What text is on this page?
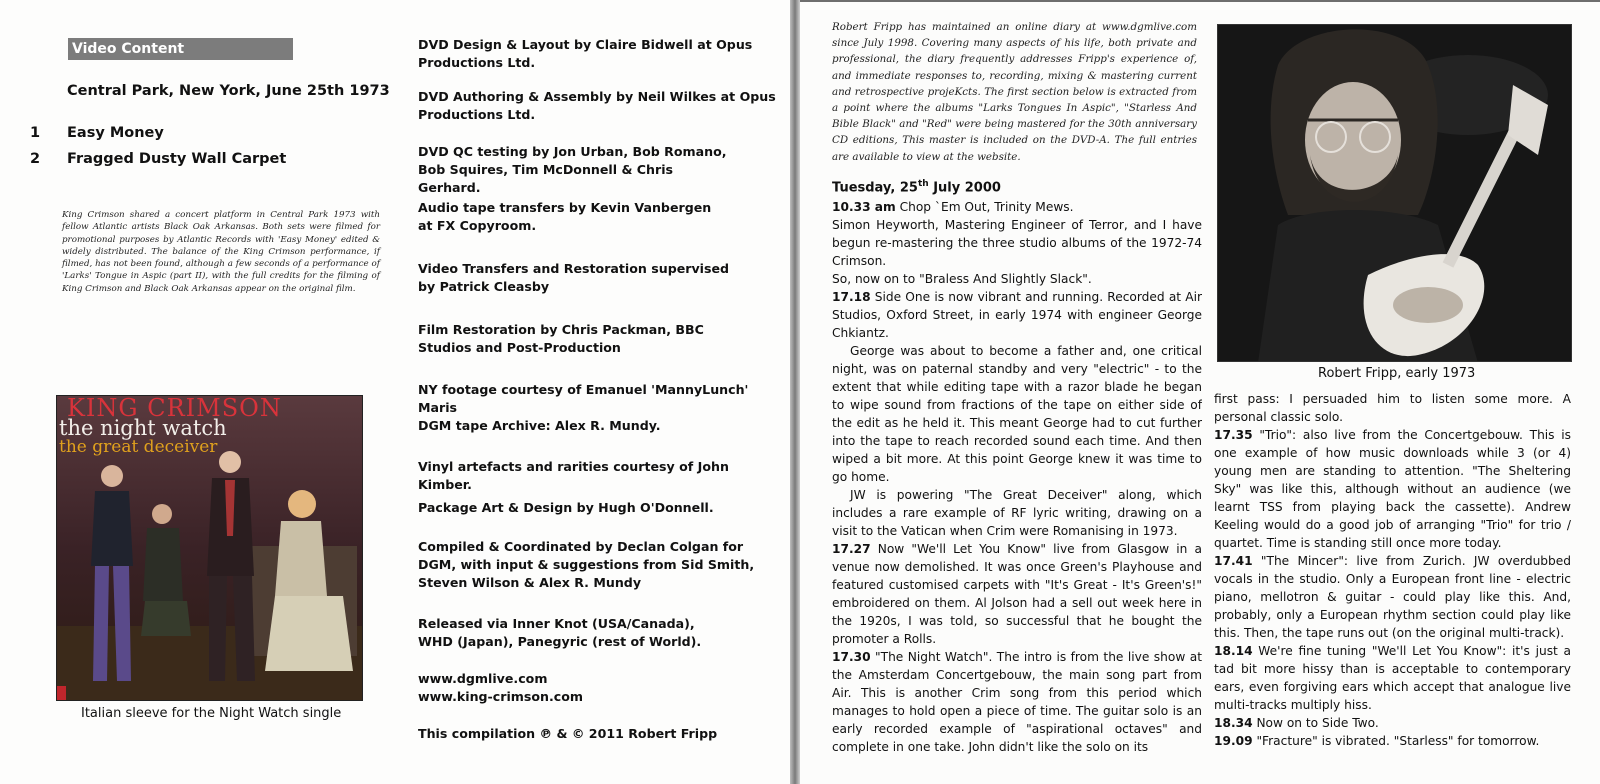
Video Content
Central Park, New York, June 25th 1973
1 Easy Money
2 Fragged Dusty Wall Carpet
King Crimson shared a concert platform in Central Park 1973 with fellow Atlantic artists Black Oak Arkansas. Both sets were filmed for promotional purposes by Atlantic Records with 'Easy Money' edited & widely distributed. The balance of the King Crimson performance, if filmed, has not been found, although a few seconds of a performance of 'Larks' Tongue in Aspic (part II), with the full credits for the filming of King Crimson and Black Oak Arkansas appear on the original film.
KING CRIMSON
the night watch
the great deceiver
Italian sleeve for the Night Watch single
DVD Design & Layout by Claire Bidwell at Opus Productions Ltd.
DVD Authoring & Assembly by Neil Wilkes at Opus Productions Ltd.
DVD QC testing by Jon Urban, Bob Romano, Bob Squires, Tim McDonnell & Chris Gerhard.
Audio tape transfers by Kevin Vanbergen at FX Copyroom.
Video Transfers and Restoration supervised by Patrick Cleasby
Film Restoration by Chris Packman, BBC Studios and Post-Production
NY footage courtesy of Emanuel 'MannyLunch' Maris
DGM tape Archive: Alex R. Mundy.
Vinyl artefacts and rarities courtesy of John Kimber.
Package Art & Design by Hugh O'Donnell.
Compiled & Coordinated by Declan Colgan for DGM, with input & suggestions from Sid Smith, Steven Wilson & Alex R. Mundy
Released via Inner Knot (USA/Canada), WHD (Japan), Panegyric (rest of World).
www.dgmlive.com
www.king-crimson.com
This compilation ℗ & © 2011 Robert Fripp
Robert Fripp has maintained an online diary at www.dgmlive.com since July 1998. Covering many aspects of his life, both private and professional, the diary frequently addresses Fripp's experience of, and immediate responses to, recording, mixing & mastering current and retrospective projeKcts. The first section below is extracted from a point where the albums "Larks Tongues In Aspic", "Starless And Bible Black" and "Red" were being mastered for the 30th anniversary CD editions, This master is included on the DVD-A. The full entries are available to view at the website.
Tuesday, 25th July 2000

10.33 am Chop `Em Out, Trinity Mews.

Simon Heyworth, Mastering Engineer of Terror, and I have begun re-mastering the three studio albums of the 1972-74 Crimson.

So, now on to "Braless And Slightly Slack".

17.18 Side One is now vibrant and running. Recorded at Air Studios, Oxford Street, in early 1974 with engineer George Chkiantz.

George was about to become a father and, one critical night, was on paternal standby and very "electric" - to the extent that while editing tape with a razor blade he began to wipe sound from fractions of the tape on either side of the edit as he held it. This meant George had to cut further into the tape to reach recorded sound each time. And then wiped a bit more. At this point George knew it was time to go home.

JW is powering "The Great Deceiver" along, which includes a rare example of RF lyric writing, drawing on a visit to the Vatican when Crim were Romanising in 1973.

17.27 Now "We'll Let You Know" live from Glasgow in a venue now demolished. It was once Green's Playhouse and featured customised carpets with "It's Great - It's Green's!" embroidered on them. Al Jolson had a sell out week here in the 1920s, I was told, so successful that he bought the promoter a Rolls.

17.30 "The Night Watch". The intro is from the live show at the Amsterdam Concertgebouw, the main song part from Air. This is another Crim song from this period which manages to hold open a piece of time. The guitar solo is an early recorded example of "aspirational octaves" and complete in one take. John didn't like the solo on its

Robert Fripp, early 1973

first pass: I persuaded him to listen some more. A personal classic solo.

17.35 "Trio": also live from the Concertgebouw. This is one example of how music downloads while 3 (or 4) young men are standing to attention. "The Sheltering Sky" was like this, although without an audience (we learnt TSS from playing back the cassette). Andrew Keeling would do a good job of arranging "Trio" for trio / quartet. Time is standing still once more today.

17.41 "The Mincer": live from Zurich. JW overdubbed vocals in the studio. Only a European front line - electric piano, mellotron & guitar - could play like this. And, probably, only a European rhythm section could play like this. Then, the tape runs out (on the original multi-track).

18.14 We're fine tuning "We'll Let You Know": it's just a tad bit more hissy than is acceptable to contemporary ears, even forgiving ears which accept that analogue live multi-tracks multiply hiss.

18.34 Now on to Side Two.

19.09 "Fracture" is vibrated. "Starless" for tomorrow.
